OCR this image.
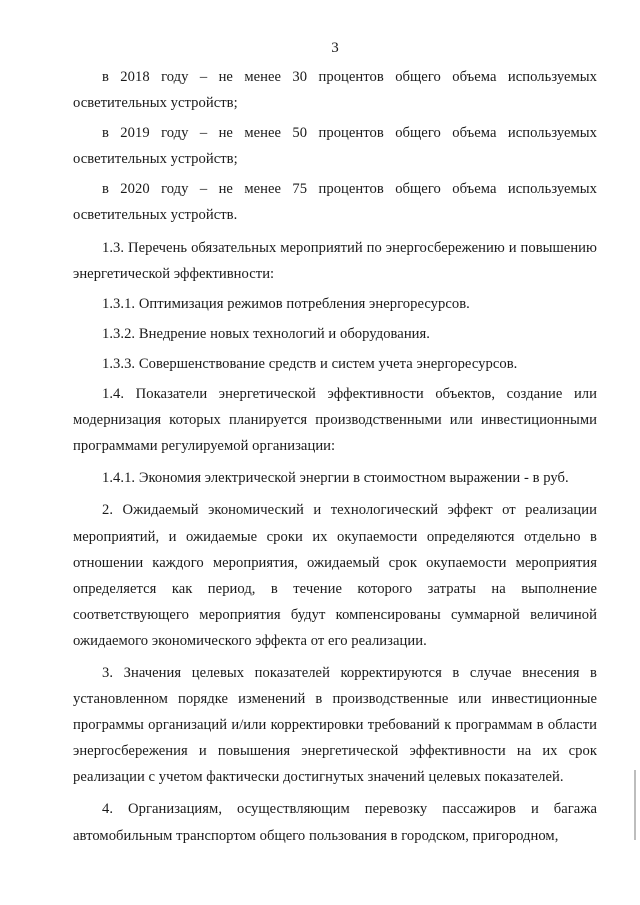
3

в 2018 году – не менее 30 процентов общего объема используемых осветительных устройств;

в 2019 году – не менее 50 процентов общего объема используемых осветительных устройств;

в 2020 году – не менее 75 процентов общего объема используемых осветительных устройств.

1.3. Перечень обязательных мероприятий по энергосбережению и повышению энергетической эффективности:

1.3.1. Оптимизация режимов потребления энергоресурсов.

1.3.2. Внедрение новых технологий и оборудования.

1.3.3. Совершенствование средств и систем учета энергоресурсов.

1.4. Показатели энергетической эффективности объектов, создание или модернизация которых планируется производственными или инвестиционными программами регулируемой организации:

1.4.1. Экономия электрической энергии в стоимостном выражении - в руб.

2. Ожидаемый экономический и технологический эффект от реализации мероприятий, и ожидаемые сроки их окупаемости определяются отдельно в отношении каждого мероприятия, ожидаемый срок окупаемости мероприятия определяется как период, в течение которого затраты на выполнение соответствующего мероприятия будут компенсированы суммарной величиной ожидаемого экономического эффекта от его реализации.

3. Значения целевых показателей корректируются в случае внесения в установленном порядке изменений в производственные или инвестиционные программы организаций и/или корректировки требований к программам в области энергосбережения и повышения энергетической эффективности на их срок реализации с учетом фактически достигнутых значений целевых показателей.

4. Организациям, осуществляющим перевозку пассажиров и багажа автомобильным транспортом общего пользования в городском, пригородном,
